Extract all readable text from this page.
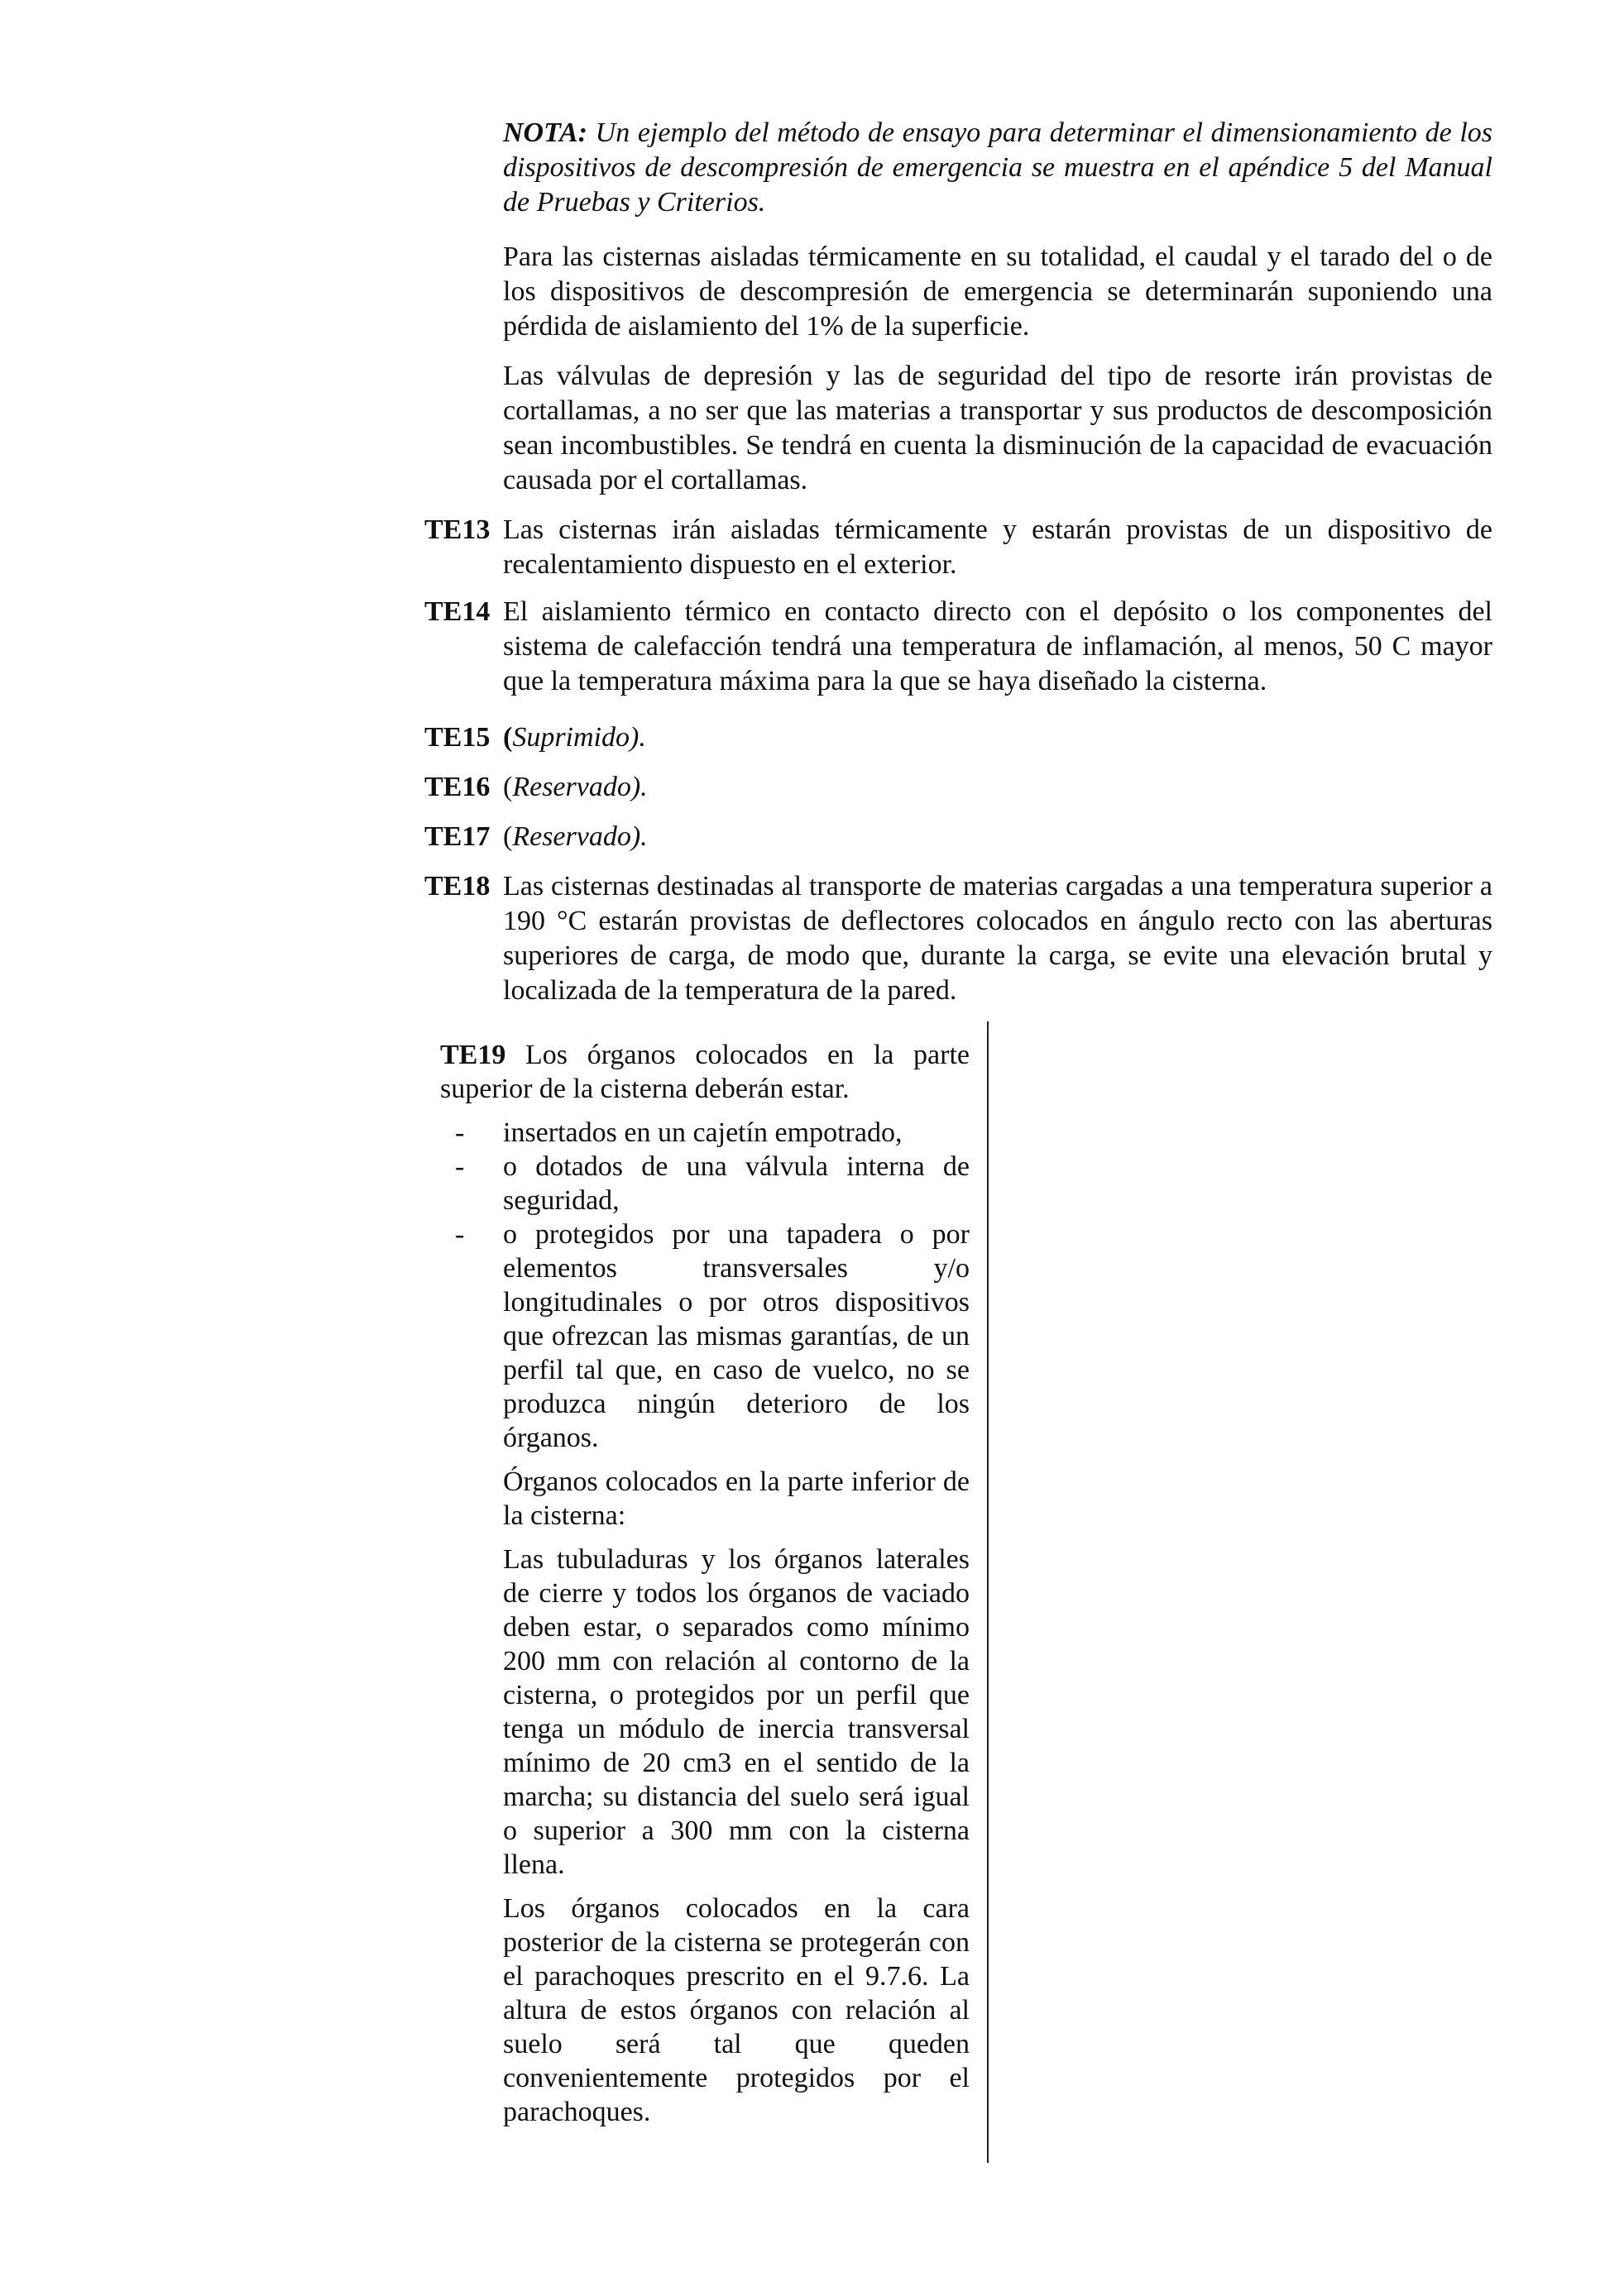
NOTA: Un ejemplo del método de ensayo para determinar el dimensionamiento de los dispositivos de descompresión de emergencia se muestra en el apéndice 5 del Manual de Pruebas y Criterios.

Para las cisternas aisladas térmicamente en su totalidad, el caudal y el tarado del o de los dispositivos de descompresión de emergencia se determinarán suponiendo una pérdida de aislamiento del 1% de la superficie.

Las válvulas de depresión y las de seguridad del tipo de resorte irán provistas de cortallamas, a no ser que las materias a transportar y sus productos de descomposición sean incombustibles. Se tendrá en cuenta la disminución de la capacidad de evacuación causada por el cortallamas.

TE13 Las cisternas irán aisladas térmicamente y estarán provistas de un dispositivo de recalentamiento dispuesto en el exterior.
TE14 El aislamiento térmico en contacto directo con el depósito o los componentes del sistema de calefacción tendrá una temperatura de inflamación, al menos, 50 C mayor que la temperatura máxima para la que se haya diseñado la cisterna.
TE15 (Suprimido).
TE16 (Reservado).
TE17 (Reservado).
TE18 Las cisternas destinadas al transporte de materias cargadas a una temperatura superior a 190 °C estarán provistas de deflectores colocados en ángulo recto con las aberturas superiores de carga, de modo que, durante la carga, se evite una elevación brutal y localizada de la temperatura de la pared.
TE19 Los órganos colocados en la parte superior de la cisterna deberán estar.
- insertados en un cajetín empotrado,
- o dotados de una válvula interna de seguridad,
- o protegidos por una tapadera o por elementos transversales y/o longitudinales o por otros dispositivos que ofrezcan las mismas garantías, de un perfil tal que, en caso de vuelco, no se produzca ningún deterioro de los órganos.

Órganos colocados en la parte inferior de la cisterna:

Las tubuladuras y los órganos laterales de cierre y todos los órganos de vaciado deben estar, o separados como mínimo 200 mm con relación al contorno de la cisterna, o protegidos por un perfil que tenga un módulo de inercia transversal mínimo de 20 cm3 en el sentido de la marcha; su distancia del suelo será igual o superior a 300 mm con la cisterna llena.

Los órganos colocados en la cara posterior de la cisterna se protegerán con el parachoques prescrito en el 9.7.6. La altura de estos órganos con relación al suelo será tal que queden convenientemente protegidos por el parachoques.
